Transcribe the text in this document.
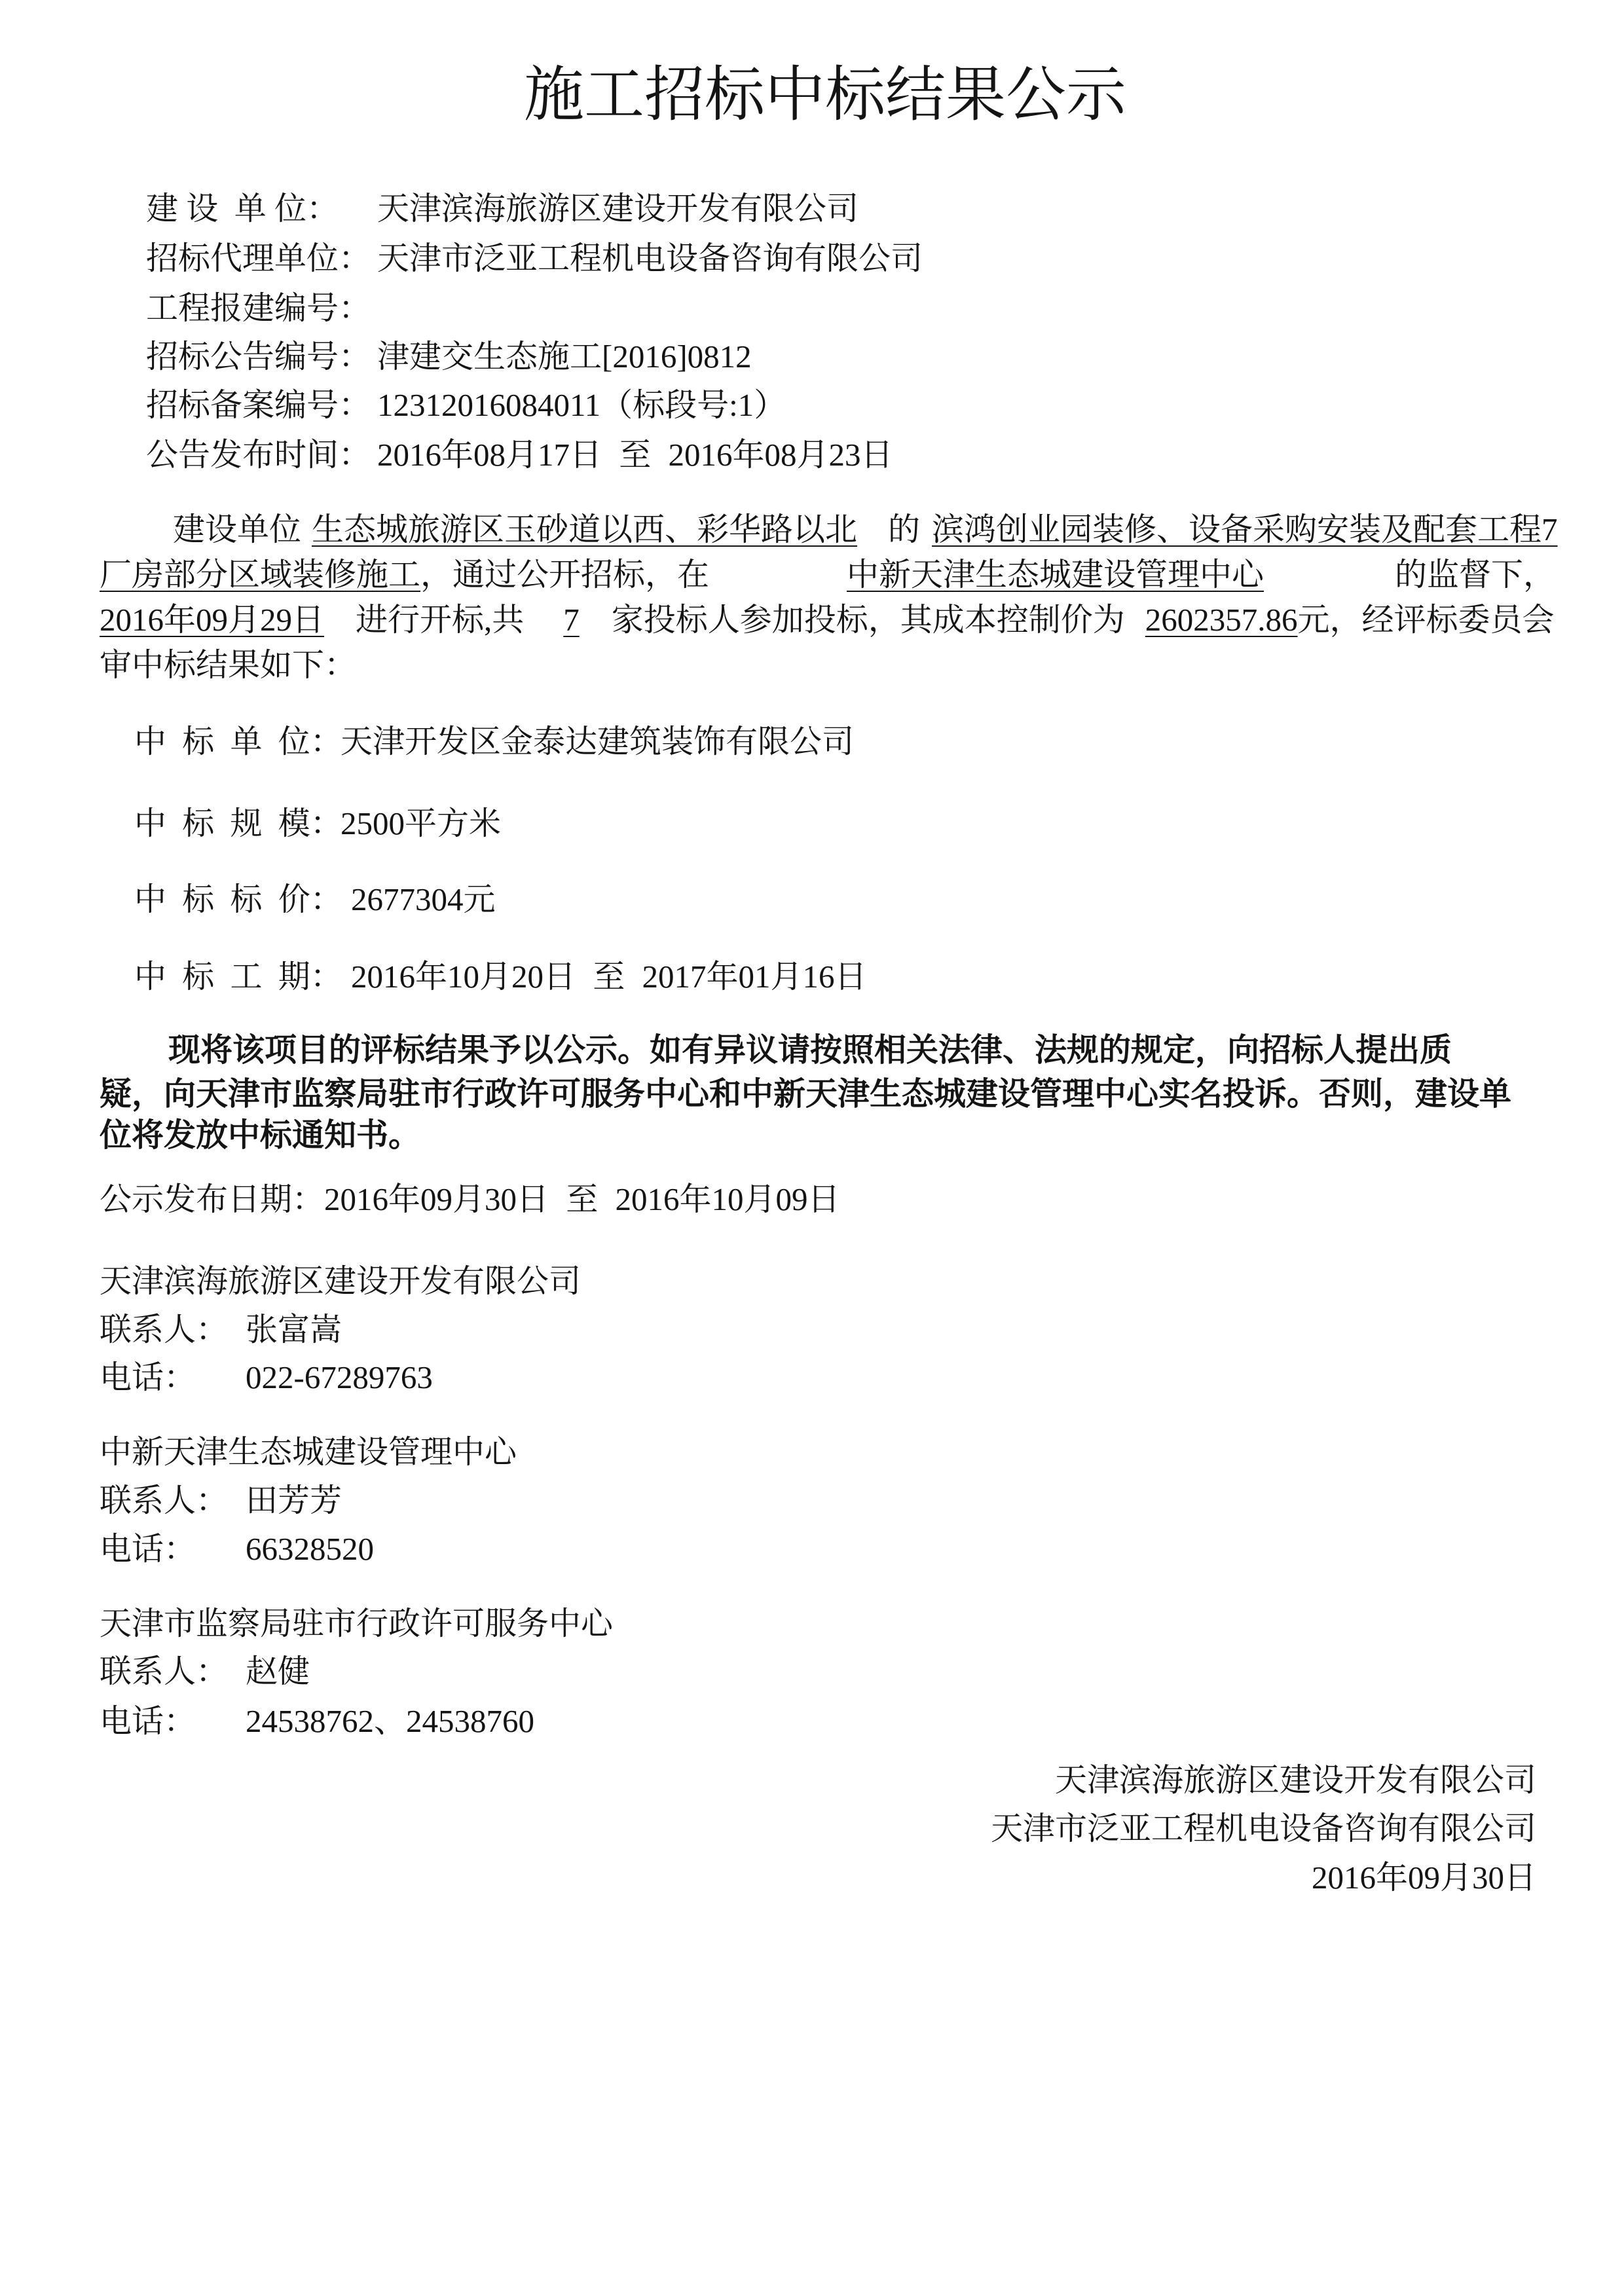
施工招标中标结果公示
建 设  单 位：	天津滨海旅游区建设开发有限公司
招标代理单位： 天津市泛亚工程机电设备咨询有限公司
工程报建编号：
招标公告编号： 津建交生态施工[2016]0812
招标备案编号： 12312016084011（标段号:1）
公告发布时间： 2016年08月17日 至 2016年08月23日
建设单位 生态城旅游区玉砂道以西、彩华路以北 的 滨鸿创业园装修、设备采购安装及配套工程7
厂房部分区域装修施工 ，通过公开招标，在	中新天津生态城建设管理中心	的监督下，
2016年09月29日 进行开标,共 7 家投标人参加投标，其成本控制价为 2602357.86 元，经评标委员会
审中标结果如下：
中 标 单 位：
天津开发区金泰达建筑装饰有限公司
中 标 规 模：
2500平方米
中 标 标 价： 2677304元
中 标 工 期： 2016年10月20日 至 2017年01月16日
现将该项目的评标结果予以公示。如有异议请按照相关法律、法规的规定，向招标人提出质
疑，向天津市监察局驻市行政许可服务中心和中新天津生态城建设管理中心实名投诉。否则，建设单
位将发放中标通知书。
公示发布日期： 2016年09月30日 至 2016年10月09日
天津滨海旅游区建设开发有限公司
联系人： 张富嵩
电话：	022-67289763
中新天津生态城建设管理中心
联系人： 田芳芳
电话：	66328520
天津市监察局驻市行政许可服务中心
联系人： 赵健
电话：	24538762、24538760
天津滨海旅游区建设开发有限公司
天津市泛亚工程机电设备咨询有限公司
2016年09月30日
